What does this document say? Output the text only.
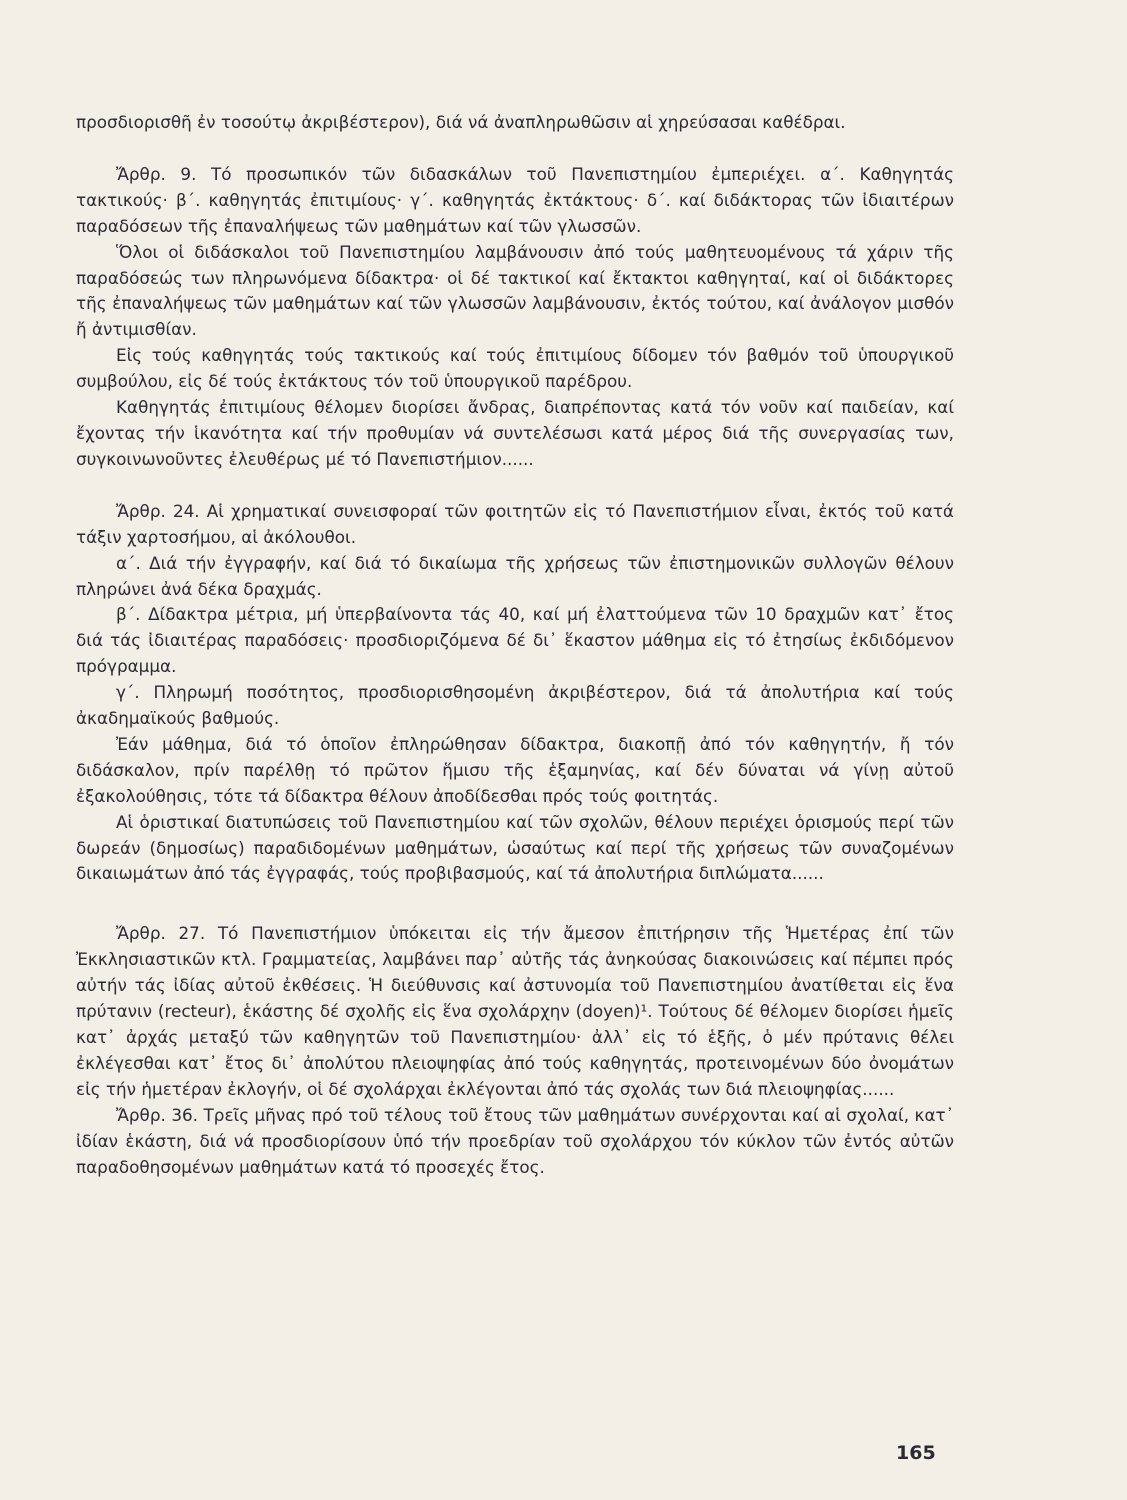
προσδιορισθῆ ἐν τοσούτῳ ἀκριβέστερον), διά νά ἀναπληρωθῶσιν αἱ χηρεύσασαι καθέδραι.

Ἄρθρ. 9. Τό προσωπικόν τῶν διδασκάλων τοῦ Πανεπιστημίου ἐμπεριέχει. α΄. Καθηγητάς τακτικούς· β΄. καθηγητάς ἐπιτιμίους· γ΄. καθηγητάς ἐκτάκτους· δ΄. καί διδάκτορας τῶν ἰδιαιτέρων παραδόσεων τῆς ἐπαναλήψεως τῶν μαθημάτων καί τῶν γλωσσῶν.

Ὅλοι οἱ διδάσκαλοι τοῦ Πανεπιστημίου λαμβάνουσιν ἀπό τούς μαθητευομένους τά χάριν τῆς παραδόσεώς των πληρωνόμενα δίδακτρα· οἱ δέ τακτικοί καί ἔκτακτοι καθηγηταί, καί οἱ διδάκτορες τῆς ἐπαναλήψεως τῶν μαθημάτων καί τῶν γλωσσῶν λαμβάνουσιν, ἐκτός τούτου, καί ἀνάλογον μισθόν ἤ ἀντιμισθίαν.

Εἰς τούς καθηγητάς τούς τακτικούς καί τούς ἐπιτιμίους δίδομεν τόν βαθμόν τοῦ ὑπουργικοῦ συμβούλου, εἰς δέ τούς ἐκτάκτους τόν τοῦ ὑπουργικοῦ παρέδρου.

Καθηγητάς ἐπιτιμίους θέλομεν διορίσει ἄνδρας, διαπρέποντας κατά τόν νοῦν καί παιδείαν, καί ἔχοντας τήν ἱκανότητα καί τήν προθυμίαν νά συντελέσωσι κατά μέρος διά τῆς συνεργασίας των, συγκοινωνοῦντες ἐλευθέρως μέ τό Πανεπιστήμιον......

Ἄρθρ. 24. Αἱ χρηματικαί συνεισφοραί τῶν φοιτητῶν εἰς τό Πανεπιστήμιον εἶναι, ἐκτός τοῦ κατά τάξιν χαρτοσήμου, αἱ ἀκόλουθοι.

α΄. Διά τήν ἐγγραφήν, καί διά τό δικαίωμα τῆς χρήσεως τῶν ἐπιστημονικῶν συλλογῶν θέλουν πληρώνει ἀνά δέκα δραχμάς.

β΄. Δίδακτρα μέτρια, μή ὑπερβαίνοντα τάς 40, καί μή ἐλαττούμενα τῶν 10 δραχμῶν κατ᾽ ἔτος διά τάς ἰδιαιτέρας παραδόσεις· προσδιοριζόμενα δέ δι᾽ ἕκαστον μάθημα εἰς τό ἐτησίως ἐκδιδόμενον πρόγραμμα.

γ΄. Πληρωμή ποσότητος, προσδιορισθησομένη ἀκριβέστερον, διά τά ἀπολυτήρια καί τούς ἀκαδημαϊκούς βαθμούς.

Ἐάν μάθημα, διά τό ὁποῖον ἐπληρώθησαν δίδακτρα, διακοπῇ ἀπό τόν καθηγητήν, ἤ τόν διδάσκαλον, πρίν παρέλθῃ τό πρῶτον ἥμισυ τῆς ἑξαμηνίας, καί δέν δύναται νά γίνῃ αὐτοῦ ἐξακολούθησις, τότε τά δίδακτρα θέλουν ἀποδίδεσθαι πρός τούς φοιτητάς.

Αἱ ὁριστικαί διατυπώσεις τοῦ Πανεπιστημίου καί τῶν σχολῶν, θέλουν περιέχει ὁρισμούς περί τῶν δωρεάν (δημοσίως) παραδιδομένων μαθημάτων, ὡσαύτως καί περί τῆς χρήσεως τῶν συναζομένων δικαιωμάτων ἀπό τάς ἐγγραφάς, τούς προβιβασμούς, καί τά ἀπολυτήρια διπλώματα......

Ἄρθρ. 27. Τό Πανεπιστήμιον ὑπόκειται εἰς τήν ἄμεσον ἐπιτήρησιν τῆς Ἡμετέρας ἐπί τῶν Ἐκκλησιαστικῶν κτλ. Γραμματείας, λαμβάνει παρ᾽ αὐτῆς τάς ἀνηκούσας διακοινώσεις καί πέμπει πρός αὐτήν τάς ἰδίας αὐτοῦ ἐκθέσεις. Ἡ διεύθυνσις καί ἀστυνομία τοῦ Πανεπιστημίου ἀνατίθεται εἰς ἕνα πρύτανιν (recteur), ἑκάστης δέ σχολῆς εἰς ἕνα σχολάρχην (doyen)¹. Τούτους δέ θέλομεν διορίσει ἡμεῖς κατ᾽ ἀρχάς μεταξύ τῶν καθηγητῶν τοῦ Πανεπιστημίου· ἀλλ᾽ εἰς τό ἑξῆς, ὁ μέν πρύτανις θέλει ἐκλέγεσθαι κατ᾽ ἔτος δι᾽ ἀπολύτου πλειοψηφίας ἀπό τούς καθηγητάς, προτεινομένων δύο ὀνομάτων εἰς τήν ἡμετέραν ἐκλογήν, οἱ δέ σχολάρχαι ἐκλέγονται ἀπό τάς σχολάς των διά πλειοψηφίας......

Ἄρθρ. 36. Τρεῖς μῆνας πρό τοῦ τέλους τοῦ ἔτους τῶν μαθημάτων συνέρχονται καί αἱ σχολαί, κατ᾽ ἰδίαν ἑκάστη, διά νά προσδιορίσουν ὑπό τήν προεδρίαν τοῦ σχολάρχου τόν κύκλον τῶν ἐντός αὐτῶν παραδοθησομένων μαθημάτων κατά τό προσεχές ἔτος.

165
